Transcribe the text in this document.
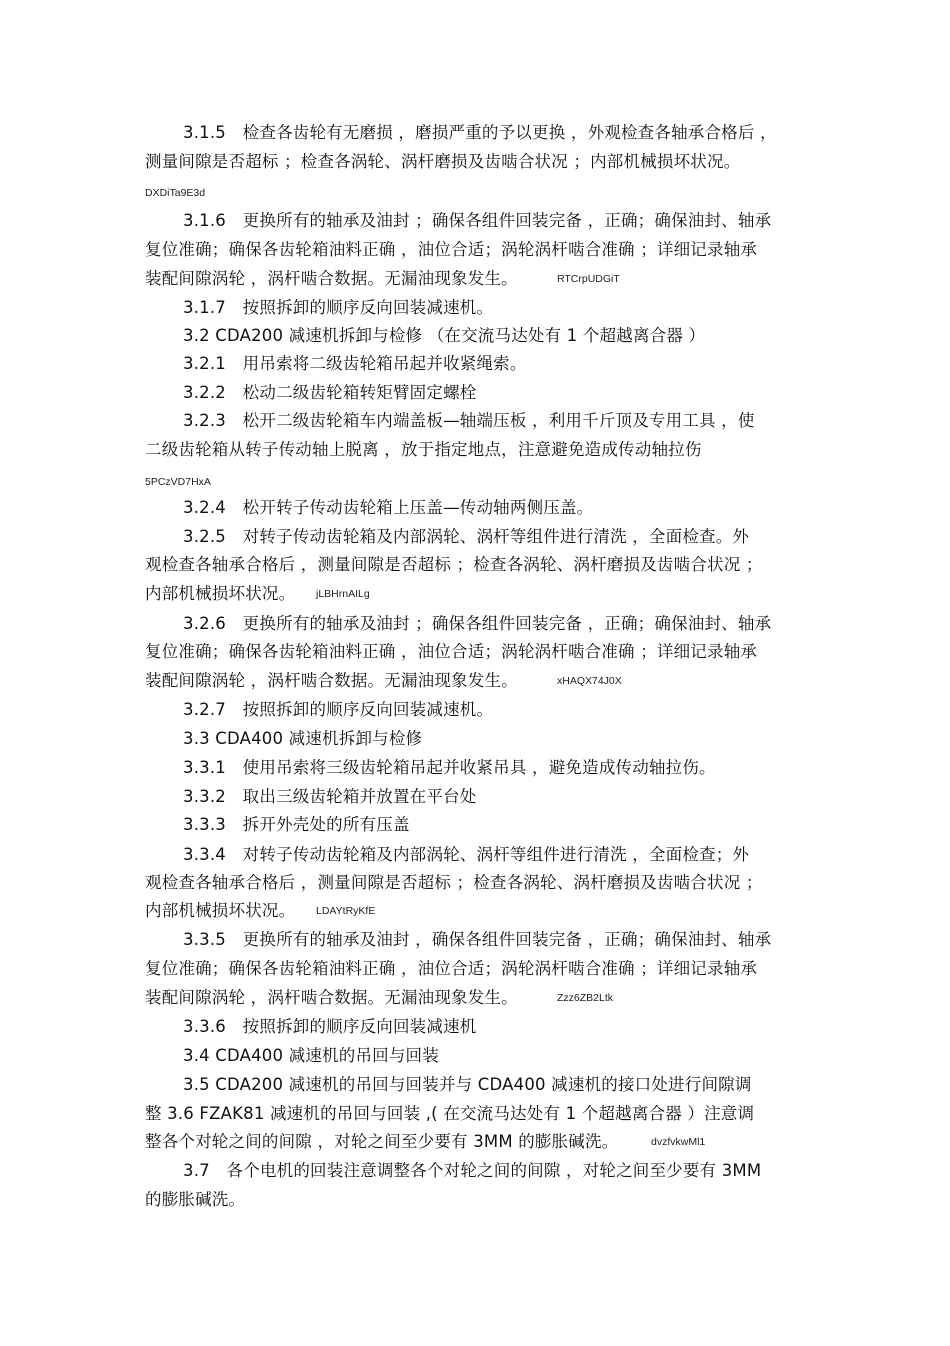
3.1.5　检查各齿轮有无磨损 ，磨损严重的予以更换 ，外观检查各轴承合格后 ，
测量间隙是否超标 ；检查各涡轮、涡杆磨损及齿啮合状况 ；内部机械损坏状况。
DXDiTa9E3d
3.1.6　更换所有的轴承及油封 ；确保各组件回装完备 ，正确；确保油封、轴承
复位准确；确保各齿轮箱油料正确 ，油位合适；涡轮涡杆啮合准确 ；详细记录轴承
装配间隙涡轮 ，涡杆啮合数据。无漏油现象发生。	RTCrpUDGiT
3.1.7　按照拆卸的顺序反向回装减速机。
3.2 CDA200 减速机拆卸与检修 （在交流马达处有 1 个超越离合器 ）
3.2.1　用吊索将二级齿轮箱吊起并收紧绳索。
3.2.2　松动二级齿轮箱转矩臂固定螺栓
3.2.3　松开二级齿轮箱车内端盖板—轴端压板 ，利用千斤顶及专用工具 ，使
二级齿轮箱从转子传动轴上脱离 ，放于指定地点，注意避免造成传动轴拉伤
5PCzVD7HxA
3.2.4　松开转子传动齿轮箱上压盖—传动轴两侧压盖。
3.2.5　对转子传动齿轮箱及内部涡轮、涡杆等组件进行清洗 ，全面检查。外
观检查各轴承合格后 ，测量间隙是否超标 ；检查各涡轮、涡杆磨损及齿啮合状况 ；
内部机械损坏状况。 jLBHrnAILg
3.2.6　更换所有的轴承及油封 ；确保各组件回装完备 ，正确；确保油封、轴承
复位准确；确保各齿轮箱油料正确 ，油位合适；涡轮涡杆啮合准确 ；详细记录轴承
装配间隙涡轮 ，涡杆啮合数据。无漏油现象发生。	xHAQX74J0X
3.2.7　按照拆卸的顺序反向回装减速机。
3.3 CDA400 减速机拆卸与检修
3.3.1　使用吊索将三级齿轮箱吊起并收紧吊具 ，避免造成传动轴拉伤。
3.3.2　取出三级齿轮箱并放置在平台处
3.3.3　拆开外壳处的所有压盖
3.3.4　对转子传动齿轮箱及内部涡轮、涡杆等组件进行清洗 ，全面检查；外
观检查各轴承合格后 ，测量间隙是否超标 ；检查各涡轮、涡杆磨损及齿啮合状况 ；
内部机械损坏状况。 LDAYtRyKfE
3.3.5　更换所有的轴承及油封 ，确保各组件回装完备 ，正确；确保油封、轴承
复位准确；确保各齿轮箱油料正确 ，油位合适；涡轮涡杆啮合准确 ；详细记录轴承
装配间隙涡轮 ，涡杆啮合数据。无漏油现象发生。	Zzz6ZB2Ltk
3.3.6　按照拆卸的顺序反向回装减速机
3.4 CDA400 减速机的吊回与回装
3.5 CDA200 减速机的吊回与回装并与 CDA400 减速机的接口处进行间隙调
整 3.6 FZAK81 减速机的吊回与回装 ,( 在交流马达处有 1 个超越离合器 ）注意调
整各个对轮之间的间隙 ，对轮之间至少要有 3MM 的膨胀碱洗。	dvzfvkwMl1
3.7　各个电机的回装注意调整各个对轮之间的间隙 ，对轮之间至少要有 3MM
的膨胀碱洗。
